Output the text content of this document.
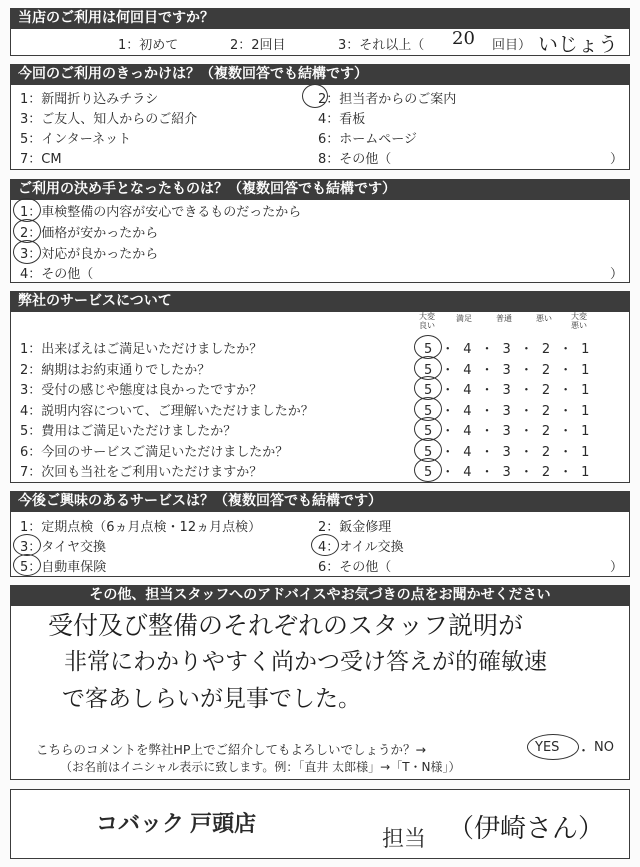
当店のご利用は何回目ですか？
1：初めて	2：2回目	3：それ以上（ 20 回目） いじょう
今回のご利用のきっかけは？（複数回答でも結構です）
1：新聞折り込みチラシ	2：担当者からのご案内
3：ご友人、知人からのご紹介	4：看板
5：インターネット	6：ホームページ
7：CM	8：その他（	）
ご利用の決め手となったものは？（複数回答でも結構です）
1：車検整備の内容が安心できるものだったから
2：価格が安かったから
3：対応が良かったから
4：その他（	）
弊社のサービスについて
大変良い
満足	普通	悪い	大変悪い
1：出来ばえはご満足いただけましたか？	5・4・3・2・1
2：納期はお約束通りでしたか？	5・4・3・2・1
3：受付の感じや態度は良かったですか？	5・4・3・2・1
4：説明内容について、ご理解いただけましたか？	5・4・3・2・1
5：費用はご満足いただけましたか？	5・4・3・2・1
6：今回のサービスご満足いただけましたか？	5・4・3・2・1
7：次回も当社をご利用いただけますか？	5・4・3・2・1
今後ご興味のあるサービスは？（複数回答でも結構です）
1：定期点検（6ヵ月点検・12ヵ月点検）	2：鈑金修理
3：タイヤ交換	4：オイル交換
5：自動車保険	6：その他（	）
その他、担当スタッフへのアドバイスやお気づきの点をお聞かせください
受付及び整備のそれぞれのスタッフ説明が
非常にわかりやすく尚かつ受け答えが的確敏速
で客あしらいが見事でした。
こちらのコメントを弊社HP上でご紹介してもよろしいでしょうか？→	YES ・ NO
（お名前はイニシャル表示に致します。例：「直井 太郎様」→「T・N様」）
コバック 戸頭店
担当 （伊崎さん）
